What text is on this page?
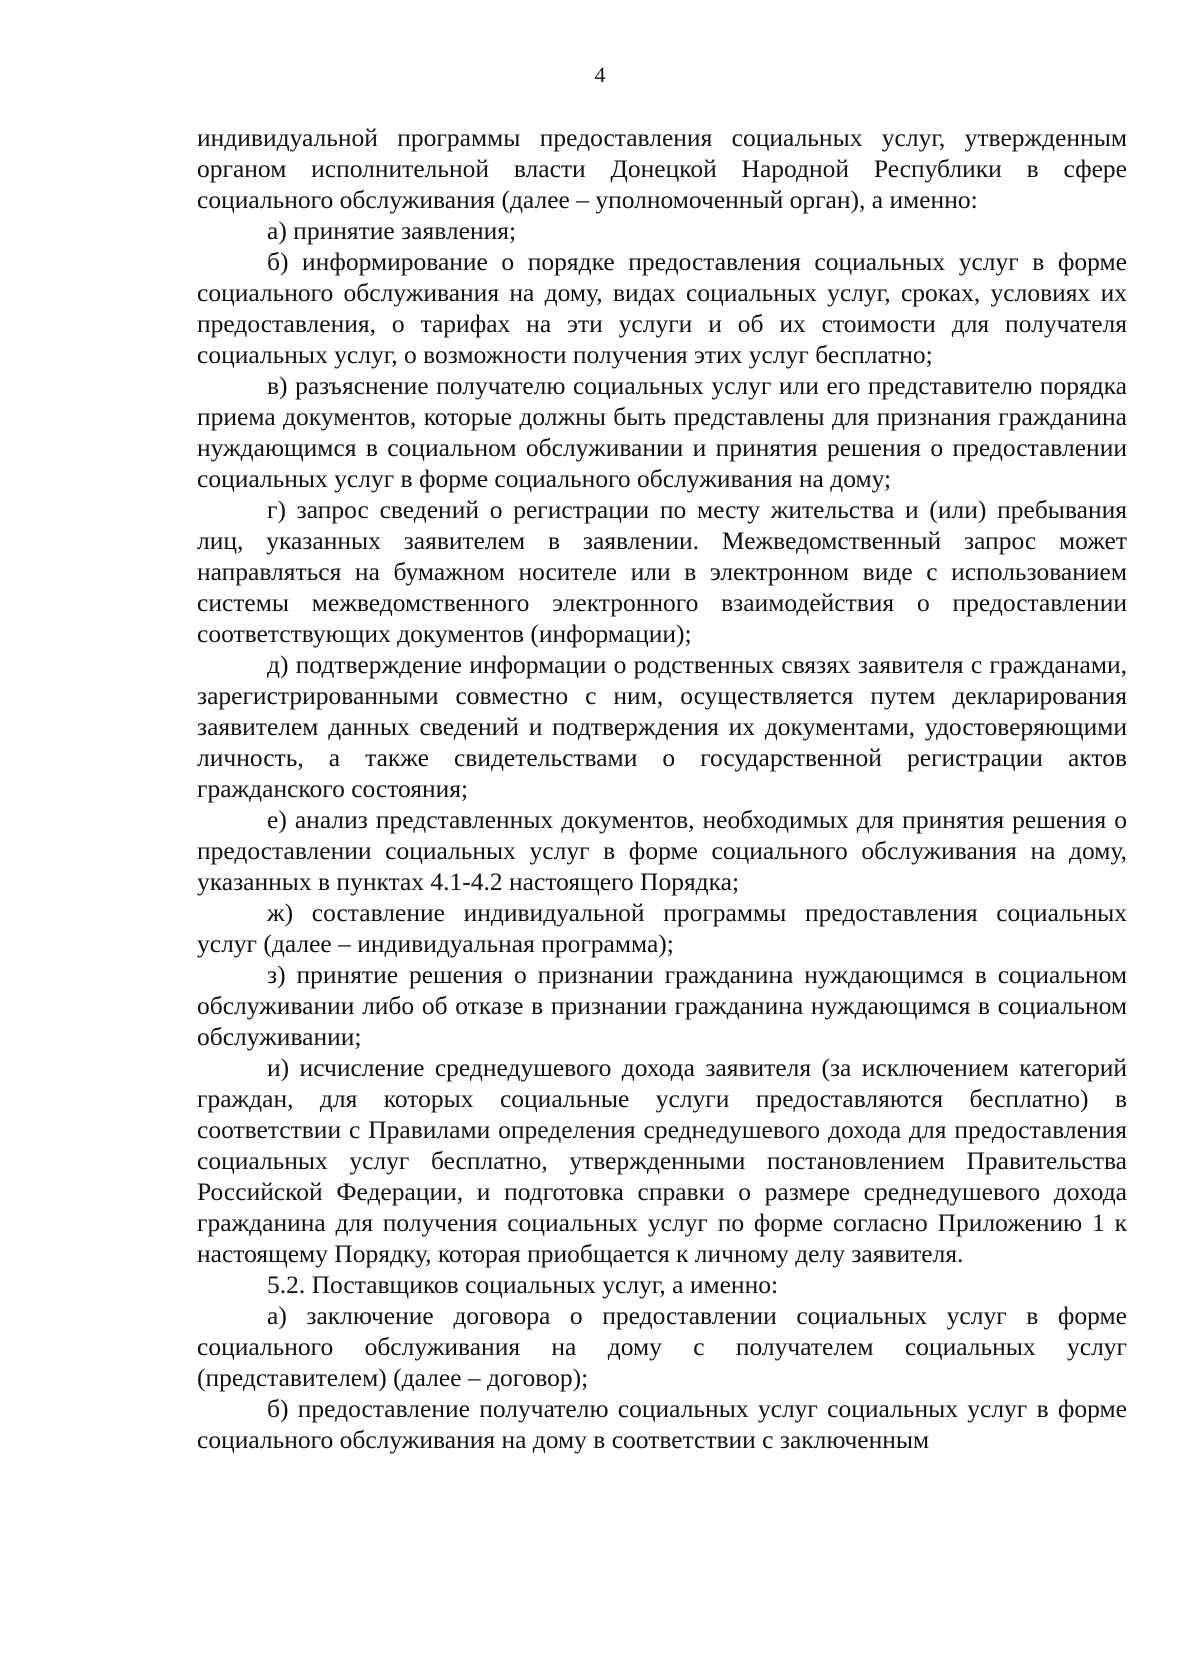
4

индивидуальной программы предоставления социальных услуг, утвержденным органом исполнительной власти Донецкой Народной Республики в сфере социального обслуживания (далее – уполномоченный орган), а именно:

а) принятие заявления;

б) информирование о порядке предоставления социальных услуг в форме социального обслуживания на дому, видах социальных услуг, сроках, условиях их предоставления, о тарифах на эти услуги и об их стоимости для получателя социальных услуг, о возможности получения этих услуг бесплатно;

в) разъяснение получателю социальных услуг или его представителю порядка приема документов, которые должны быть представлены для признания гражданина нуждающимся в социальном обслуживании и принятия решения о предоставлении социальных услуг в форме социального обслуживания на дому;

г) запрос сведений о регистрации по месту жительства и (или) пребывания лиц, указанных заявителем в заявлении. Межведомственный запрос может направляться на бумажном носителе или в электронном виде с использованием системы межведомственного электронного взаимодействия о предоставлении соответствующих документов (информации);

д) подтверждение информации о родственных связях заявителя с гражданами, зарегистрированными совместно с ним, осуществляется путем декларирования заявителем данных сведений и подтверждения их документами, удостоверяющими личность, а также свидетельствами о государственной регистрации актов гражданского состояния;

е) анализ представленных документов, необходимых для принятия решения о предоставлении социальных услуг в форме социального обслуживания на дому, указанных в пунктах 4.1-4.2 настоящего Порядка;

ж) составление индивидуальной программы предоставления социальных услуг (далее – индивидуальная программа);

з) принятие решения о признании гражданина нуждающимся в социальном обслуживании либо об отказе в признании гражданина нуждающимся в социальном обслуживании;

и) исчисление среднедушевого дохода заявителя (за исключением категорий граждан, для которых социальные услуги предоставляются бесплатно) в соответствии с Правилами определения среднедушевого дохода для предоставления социальных услуг бесплатно, утвержденными постановлением Правительства Российской Федерации, и подготовка справки о размере среднедушевого дохода гражданина для получения социальных услуг по форме согласно Приложению 1 к настоящему Порядку, которая приобщается к личному делу заявителя.

5.2. Поставщиков социальных услуг, а именно:

а) заключение договора о предоставлении социальных услуг в форме социального обслуживания на дому с получателем социальных услуг (представителем) (далее – договор);

б) предоставление получателю социальных услуг социальных услуг в форме социального обслуживания на дому в соответствии с заключенным
